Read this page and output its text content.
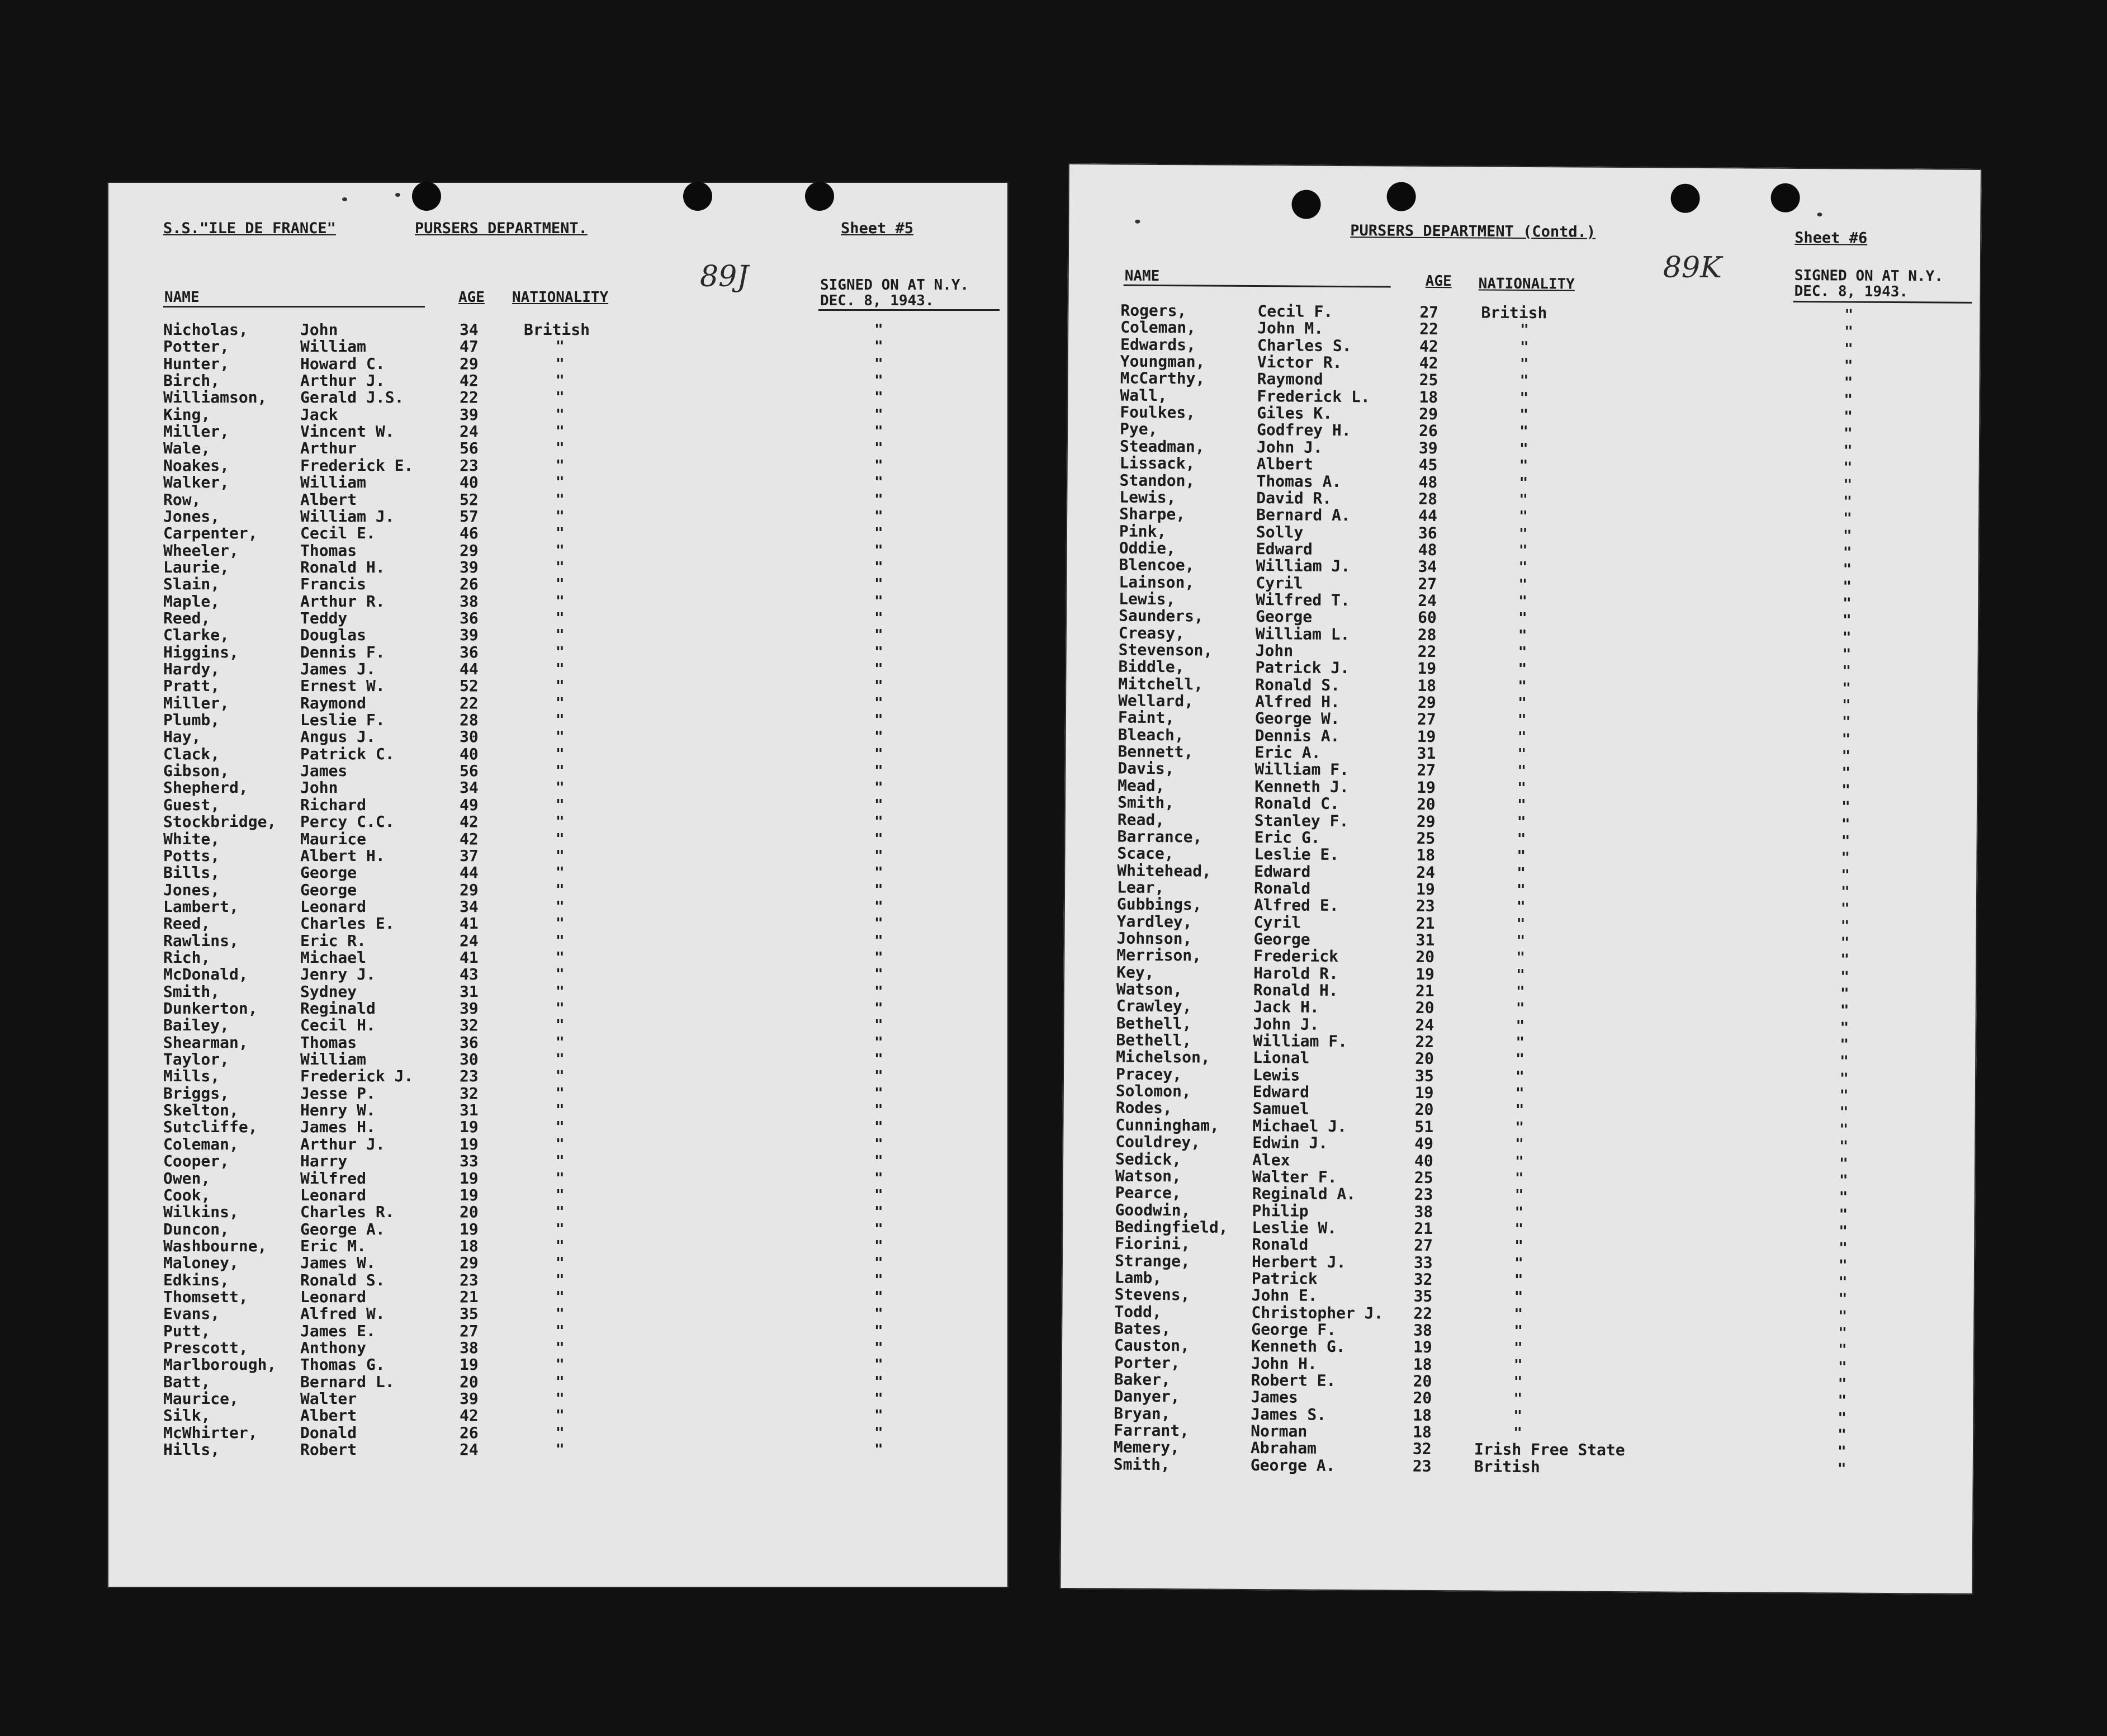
S.S."ILE DE FRANCE"	PURSERS DEPARTMENT.	Sheet #5
89J
NAME	AGE NATIONALITY
SIGNED ON AT N.Y.
DEC. 8, 1943.
Nicholas,	John	34	British	"
Potter,	William	47	"	"
Hunter,	Howard C.	29	"	"
Birch,	Arthur J.	42	"	"
Williamson, Gerald J.S.	22	"	"
King,	Jack	39	"	"
Miller,	Vincent W.	24	"	"
Wale,	Arthur	56	"	"
Noakes,	Frederick E.	23	"	"
Walker,	William	40	"	"
Row,	Albert	52	"	"
Jones,	William J.	57	"	"
Carpenter,	Cecil E.	46	"	"
Wheeler,	Thomas	29	"	"
Laurie,	Ronald H.	39	"	"
Slain,	Francis	26	"	"
Maple,	Arthur R.	38	"	"
Reed,	Teddy	36	"	"
Clarke,	Douglas	39	"	"
Higgins,	Dennis F.	36	"	"
Hardy,	James J.	44	"	"
Pratt,	Ernest W.	52	"	"
Miller,	Raymond	22	"	"
Plumb,	Leslie F.	28	"	"
Hay,	Angus J.	30	"	"
Clack,	Patrick C.	40	"	"
Gibson,	James	56	"	"
Shepherd,	John	34	"	"
Guest,	Richard	49	"	"
Stockbridge, Percy C.C.	42	"	"
White,	Maurice	42	"	"
Potts,	Albert H.	37	"	"
Bills,	George	44	"	"
Jones,	George	29	"	"
Lambert,	Leonard	34	"	"
Reed,	Charles E.	41	"	"
Rawlins,	Eric R.	24	"	"
Rich,	Michael	41	"	"
McDonald,	Jenry J.	43	"	"
Smith,	Sydney	31	"	"
Dunkerton,	Reginald	39	"	"
Bailey,	Cecil H.	32	"	"
Shearman,	Thomas	36	"	"
Taylor,	William	30	"	"
Mills,	Frederick J.	23	"	"
Briggs,	Jesse P.	32	"	"
Skelton,	Henry W.	31	"	"
Sutcliffe,	James H.	19	"	"
Coleman,	Arthur J.	19	"	"
Cooper,	Harry	33	"	"
Owen,	Wilfred	19	"	"
Cook,	Leonard	19	"	"
Wilkins,	Charles R.	20	"	"
Duncon,	George A.	19	"	"
Washbourne, Eric M.	18	"	"
Maloney,	James W.	29	"	"
Edkins,	Ronald S.	23	"	"
Thomsett,	Leonard	21	"	"
Evans,	Alfred W.	35	"	"
Putt,	James E.	27	"	"
Prescott,	Anthony	38	"	"
Marlborough, Thomas G.	19	"	"
Batt,	Bernard L.	20	"	"
Maurice,	Walter	39	"	"
Silk,	Albert	42	"	"
McWhirter,	Donald	26	"	"
Hills,	Robert	24	"	"
PURSERS DEPARTMENT (Contd.)	Sheet #6
89K
NAME	AGE NATIONALITY	SIGNED ON AT N.Y.
DEC. 8, 1943.
Rogers,	Cecil F.	27	British	"
Coleman,	John M.	22	"	"
Edwards,	Charles S.	42	"	"
Youngman,	Victor R.	42	"	"
McCarthy,	Raymond	25	"	"
Wall,	Frederick L.	18	"	"
Foulkes,	Giles K.	29	"	"
Pye,	Godfrey H.	26	"	"
Steadman,	John J.	39	"	"
Lissack,	Albert	45	"	"
Standon,	Thomas A.	48	"	"
Lewis,	David R.	28	"	"
Sharpe,	Bernard A.	44	"	"
Pink,	Solly	36	"	"
Oddie,	Edward	48	"	"
Blencoe,	William J.	34	"	"
Lainson,	Cyril	27	"	"
Lewis,	Wilfred T.	24	"	"
Saunders,	George	60	"	"
Creasy,	William L.	28	"	"
Stevenson,	John	22	"	"
Biddle,	Patrick J.	19	"	"
Mitchell,	Ronald S.	18	"	"
Wellard,	Alfred H.	29	"	"
Faint,	George W.	27	"	"
Bleach,	Dennis A.	19	"	"
Bennett,	Eric A.	31	"	"
Davis,	William F.	27	"	"
Mead,	Kenneth J.	19	"	"
Smith,	Ronald C.	20	"	"
Read,	Stanley F.	29	"	"
Barrance,	Eric G.	25	"	"
Scace,	Leslie E.	18	"	"
Whitehead,	Edward	24	"	"
Lear,	Ronald	19	"	"
Gubbings,	Alfred E.	23	"	"
Yardley,	Cyril	21	"	"
Johnson,	George	31	"	"
Merrison,	Frederick	20	"	"
Key,	Harold R.	19	"	"
Watson,	Ronald H.	21	"	"
Crawley,	Jack H.	20	"	"
Bethell,	John J.	24	"	"
Bethell,	William F.	22	"	"
Michelson,	Lional	20	"	"
Pracey,	Lewis	35	"	"
Solomon,	Edward	19	"	"
Rodes,	Samuel	20	"	"
Cunningham, Michael J.	51	"	"
Couldrey,	Edwin J.	49	"	"
Sedick,	Alex	40	"	"
Watson,	Walter F.	25	"	"
Pearce,	Reginald A.	23	"	"
Goodwin,	Philip	38	"	"
Bedingfield, Leslie W.	21	"	"
Fiorini,	Ronald	27	"	"
Strange,	Herbert J.	33	"	"
Lamb,	Patrick	32	"	"
Stevens,	John E.	35	"	"
Todd,	Christopher J. 22	"	"
Bates,	George F.	38	"	"
Causton,	Kenneth G.	19	"	"
Porter,	John H.	18	"	"
Baker,	Robert E.	20	"	"
Danyer,	James	20	"	"
Bryan,	James S.	18	"	"
Farrant,	Norman	18	"	"
Memery,	Abraham	32	Irish Free State	"
Smith,	George A.	23	British	"
